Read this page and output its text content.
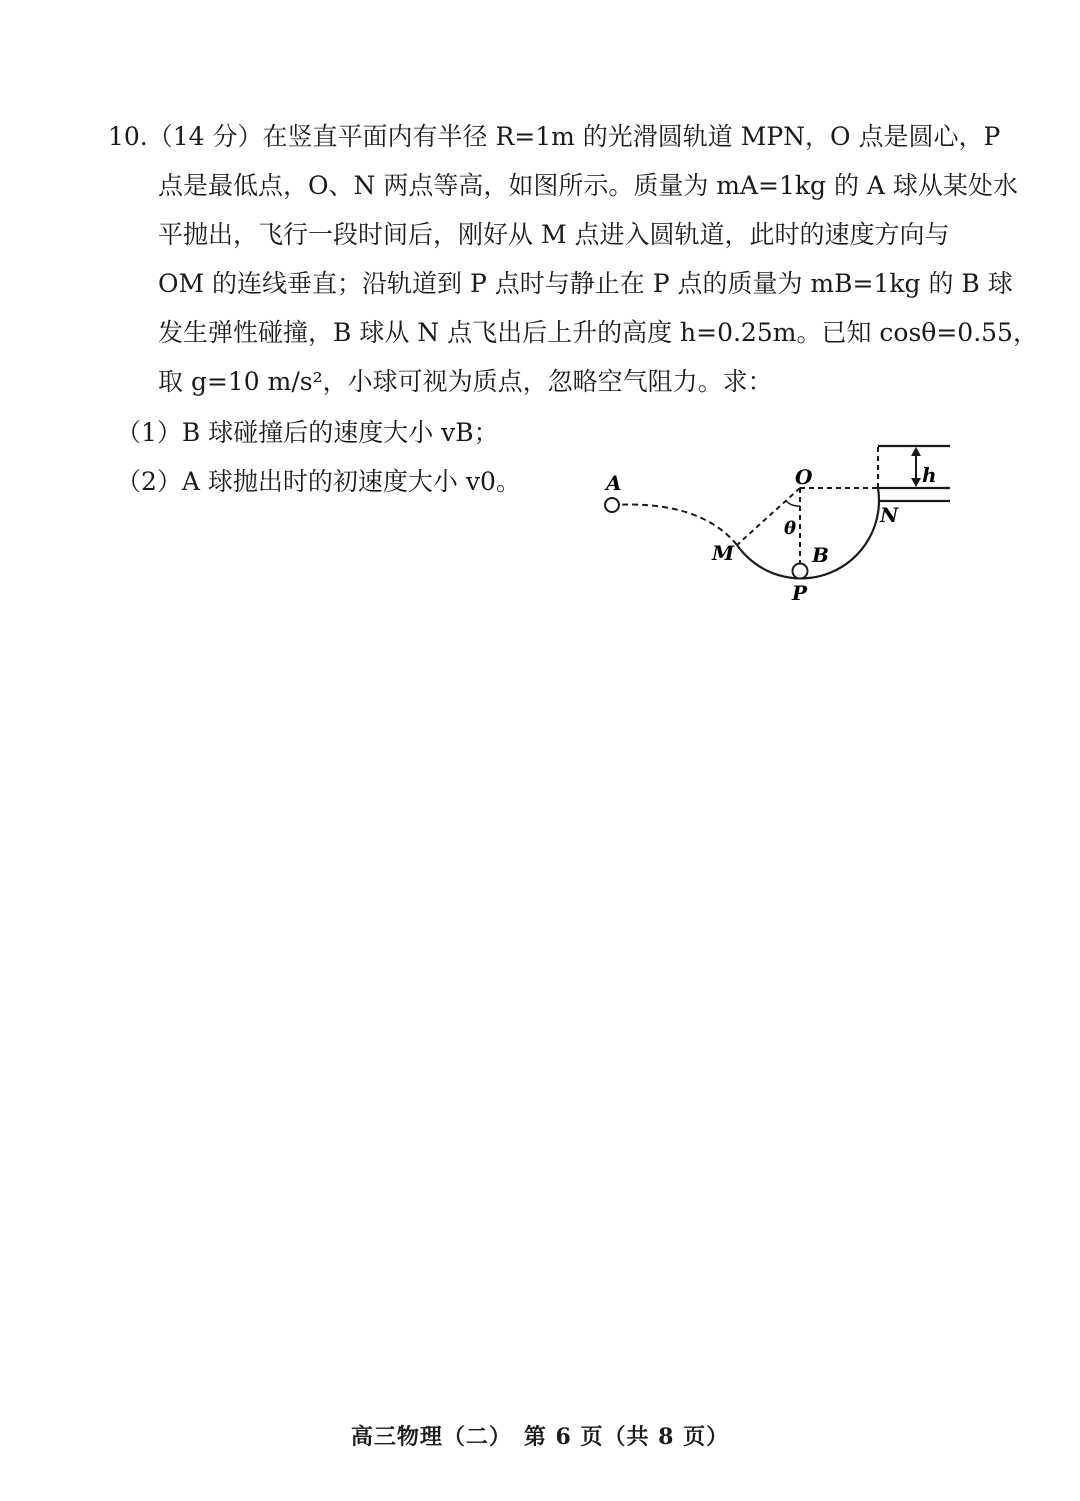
10.（14 分）在竖直平面内有半径 R=1m 的光滑圆轨道 MPN，O 点是圆心，P
点是最低点，O、N 两点等高，如图所示。质量为 mA=1kg 的 A 球从某处水
平抛出，飞行一段时间后，刚好从 M 点进入圆轨道，此时的速度方向与
OM 的连线垂直；沿轨道到 P 点时与静止在 P 点的质量为 mB=1kg 的 B 球
发生弹性碰撞，B 球从 N 点飞出后上升的高度 h=0.25m。已知 cosθ=0.55，
取 g=10 m/s²，小球可视为质点，忽略空气阻力。求：
（1）B 球碰撞后的速度大小 vB；
（2）A 球抛出时的初速度大小 v0。	A	O
M
N
P
B
h
θ
高三物理（二）　第 6 页（共 8 页）
